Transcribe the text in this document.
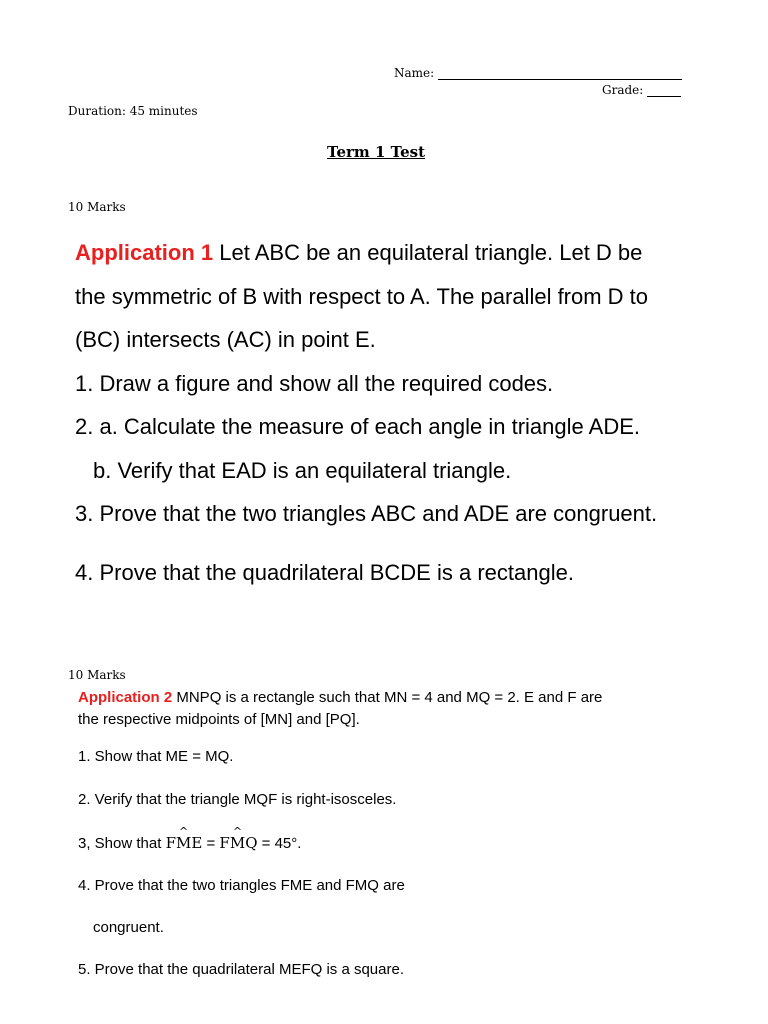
Name:
Grade:
Duration: 45 minutes
Term 1 Test
10 Marks
Application 1 Let ABC be an equilateral triangle. Let D be
the symmetric of B with respect to A. The parallel from D to
(BC) intersects (AC) in point E.
1. Draw a figure and show all the required codes.
2. a. Calculate the measure of each angle in triangle ADE.
b. Verify that EAD is an equilateral triangle.
3. Prove that the two triangles ABC and ADE are congruent.
4. Prove that the quadrilateral BCDE is a rectangle.
10 Marks
Application 2 MNPQ is a rectangle such that MN = 4 and MQ = 2. E and F are
the respective midpoints of [MN] and [PQ].
1. Show that ME = MQ.
2. Verify that the triangle MQF is right-isosceles.
3, Show that F^ ME = F^ MQ = 45°.
4. Prove that the two triangles FME and FMQ are
congruent.
5. Prove that the quadrilateral MEFQ is a square.
